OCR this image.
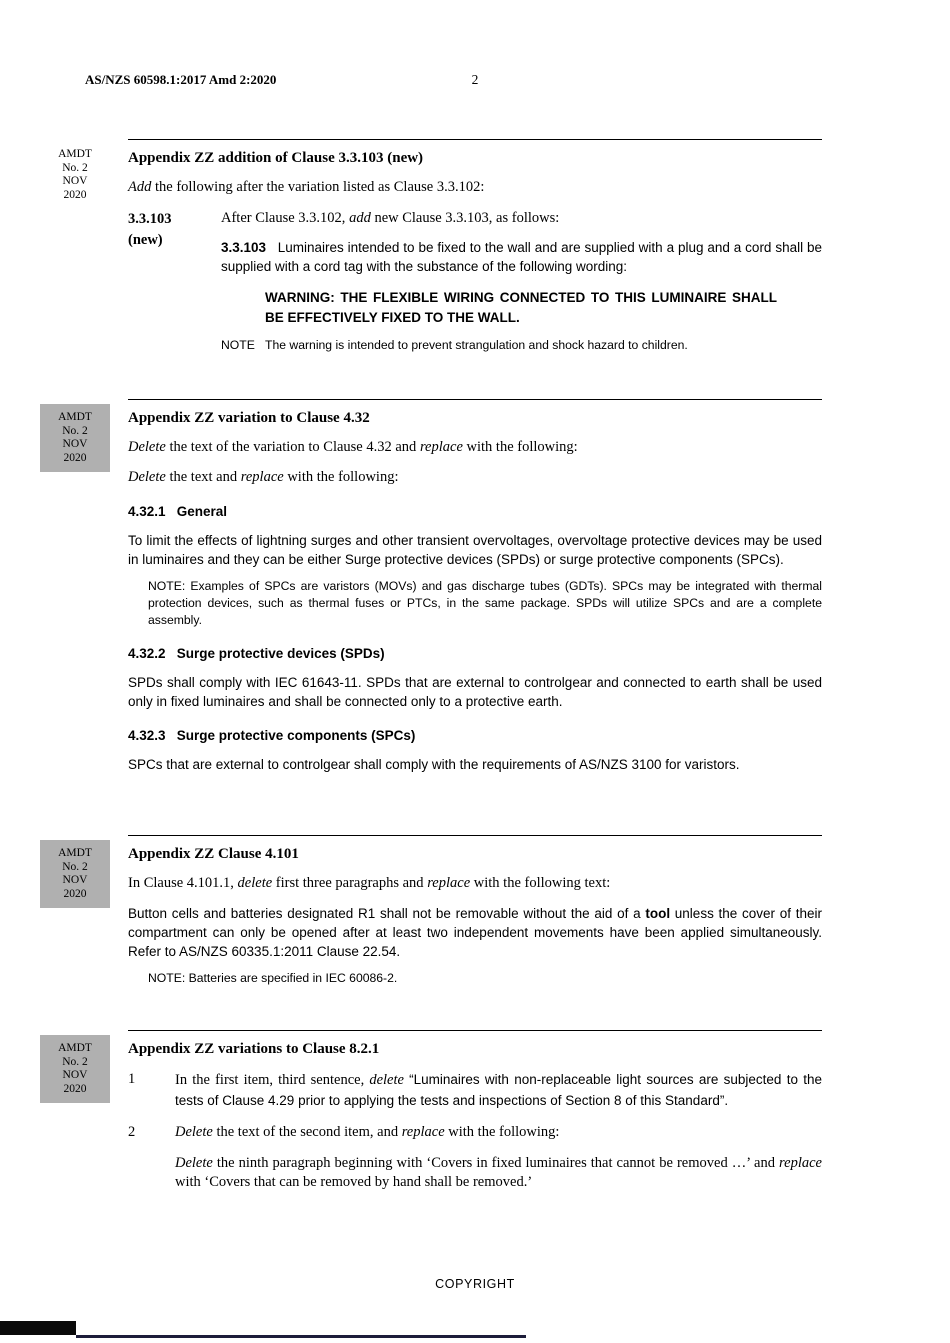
AS/NZS 60598.1:2017 Amd 2:2020	2
AMDT
No. 2
NOV
2020
AMDT
No. 2
NOV
2020
AMDT
No. 2
NOV
2020
AMDT
No. 2
NOV
2020
Appendix ZZ addition of Clause 3.3.103 (new)

Add the following after the variation listed as Clause 3.3.102:

3.3.103
(new)

After Clause 3.3.102, add new Clause 3.3.103, as follows:

3.3.103   Luminaires intended to be fixed to the wall and are supplied with a plug and a cord shall be supplied with a cord tag with the substance of the following wording:

WARNING: THE FLEXIBLE WIRING CONNECTED TO THIS LUMINAIRE SHALL BE EFFECTIVELY FIXED TO THE WALL.

NOTE   The warning is intended to prevent strangulation and shock hazard to children.

Appendix ZZ variation to Clause 4.32

Delete the text of the variation to Clause 4.32 and replace with the following:

Delete the text and replace with the following:

4.32.1   General

To limit the effects of lightning surges and other transient overvoltages, overvoltage protective devices may be used in luminaires and they can be either Surge protective devices (SPDs) or surge protective components (SPCs).

NOTE: Examples of SPCs are varistors (MOVs) and gas discharge tubes (GDTs). SPCs may be integrated with thermal protection devices, such as thermal fuses or PTCs, in the same package. SPDs will utilize SPCs and are a complete assembly.

4.32.2   Surge protective devices (SPDs)

SPDs shall comply with IEC 61643-11. SPDs that are external to controlgear and connected to earth shall be used only in fixed luminaires and shall be connected only to a protective earth.

4.32.3   Surge protective components (SPCs)

SPCs that are external to controlgear shall comply with the requirements of AS/NZS 3100 for varistors.

Appendix ZZ Clause 4.101

In Clause 4.101.1, delete first three paragraphs and replace with the following text:

Button cells and batteries designated R1 shall not be removable without the aid of a tool unless the cover of their compartment can only be opened after at least two independent movements have been applied simultaneously. Refer to AS/NZS 60335.1:2011 Clause 22.54.

NOTE: Batteries are specified in IEC 60086-2.

Appendix ZZ variations to Clause 8.2.1
1	In the first item, third sentence, delete “Luminaires with non-replaceable light sources are subjected to the tests of Clause 4.29 prior to applying the tests and inspections of Section 8 of this Standard”.
2	Delete the text of the second item, and replace with the following:

Delete the ninth paragraph beginning with ‘Covers in fixed luminaires that cannot be removed …’ and replace with ‘Covers that can be removed by hand shall be removed.’

COPYRIGHT
